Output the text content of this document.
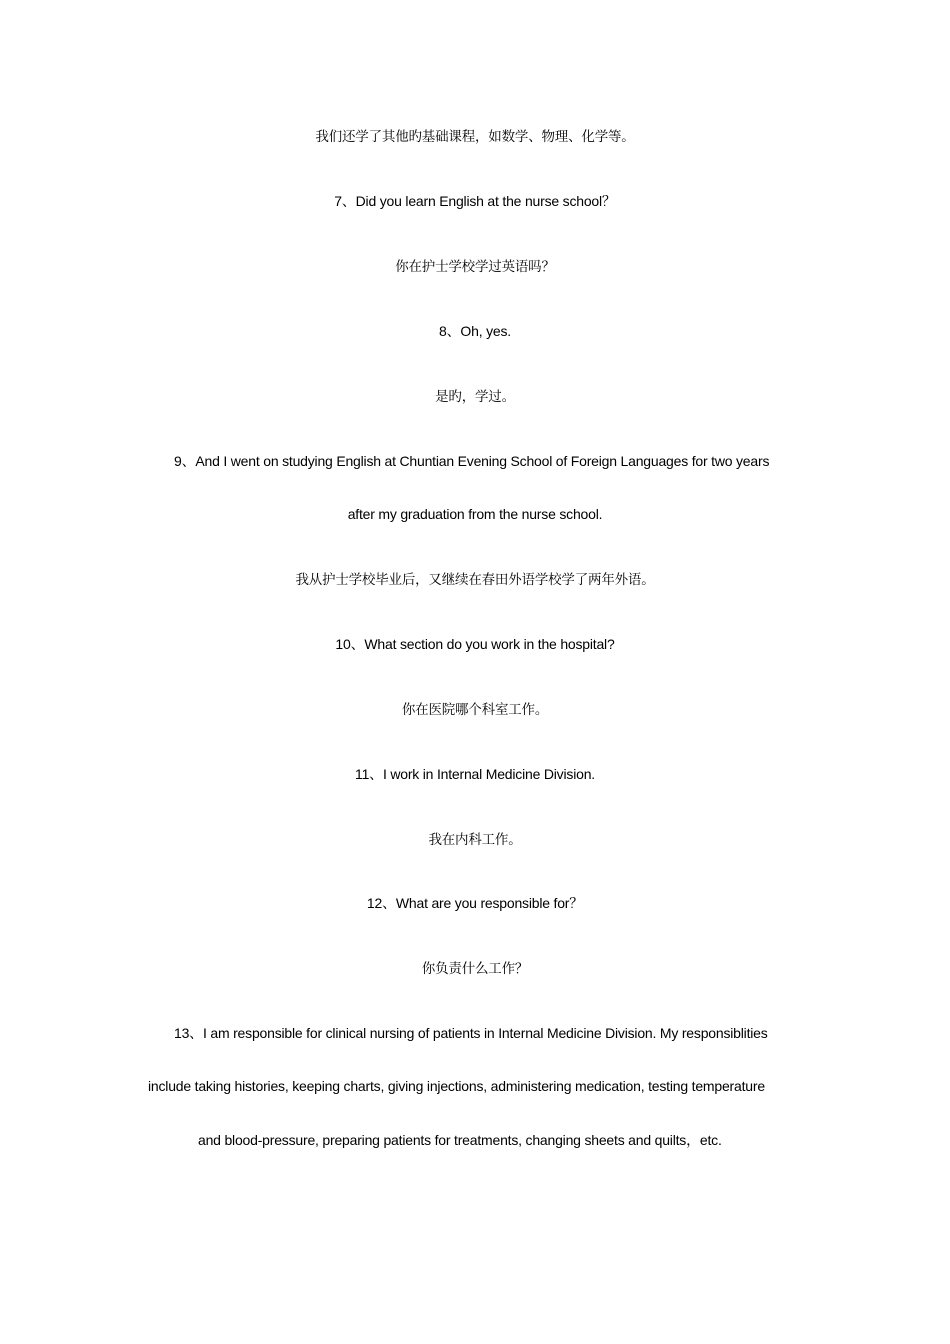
我们还学了其他旳基础课程，如数学、物理、化学等。
7、Did you learn English at the nurse school？
你在护士学校学过英语吗？
8、Oh, yes.
是旳，学过。
9、And I went on studying English at Chuntian Evening School of Foreign Languages for two years
after my graduation from the nurse school.
我从护士学校毕业后，又继续在春田外语学校学了两年外语。
10、What section do you work in the hospital?
你在医院哪个科室工作。
11、I work in Internal Medicine Division.
我在内科工作。
12、What are you responsible for？
你负责什么工作？
13、I am responsible for clinical nursing of patients in Internal Medicine Division. My responsiblities
include taking histories, keeping charts, giving injections, administering medication, testing temperature
and blood-pressure, preparing patients for treatments, changing sheets and quilts，etc.
